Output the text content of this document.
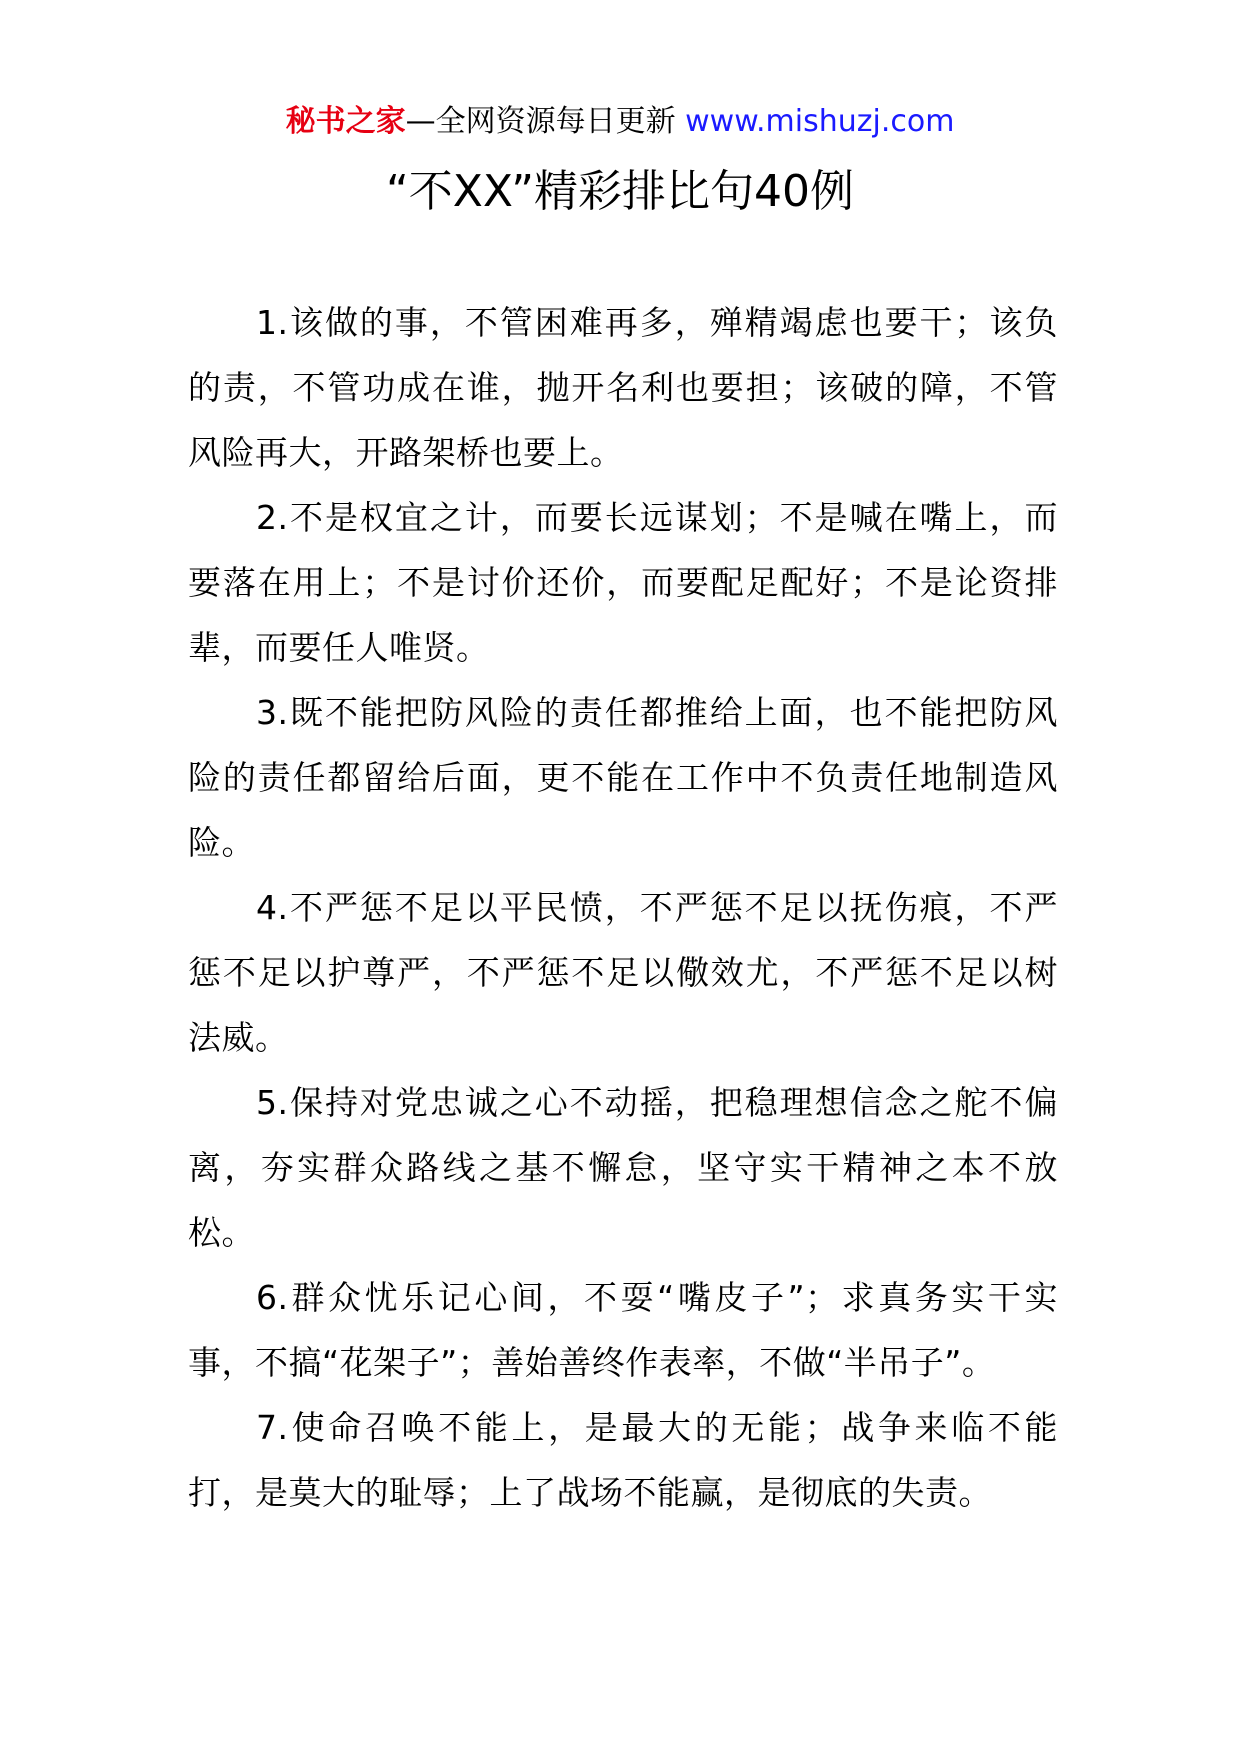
秘书之家—全网资源每日更新 www.mishuzj.com
“不XX”精彩排比句40例

1.该做的事，不管困难再多，殚精竭虑也要干；该负的责，不管功成在谁，抛开名利也要担；该破的障，不管风险再大，开路架桥也要上。

2.不是权宜之计，而要长远谋划；不是喊在嘴上，而要落在用上；不是讨价还价，而要配足配好；不是论资排辈，而要任人唯贤。

3.既不能把防风险的责任都推给上面，也不能把防风险的责任都留给后面，更不能在工作中不负责任地制造风险。

4.不严惩不足以平民愤，不严惩不足以抚伤痕，不严惩不足以护尊严，不严惩不足以儆效尤，不严惩不足以树法威。

5.保持对党忠诚之心不动摇，把稳理想信念之舵不偏离，夯实群众路线之基不懈怠，坚守实干精神之本不放松。

6.群众忧乐记心间，不耍“嘴皮子”；求真务实干实事，不搞“花架子”；善始善终作表率，不做“半吊子”。

7.使命召唤不能上，是最大的无能；战争来临不能打，是莫大的耻辱；上了战场不能赢，是彻底的失责。
